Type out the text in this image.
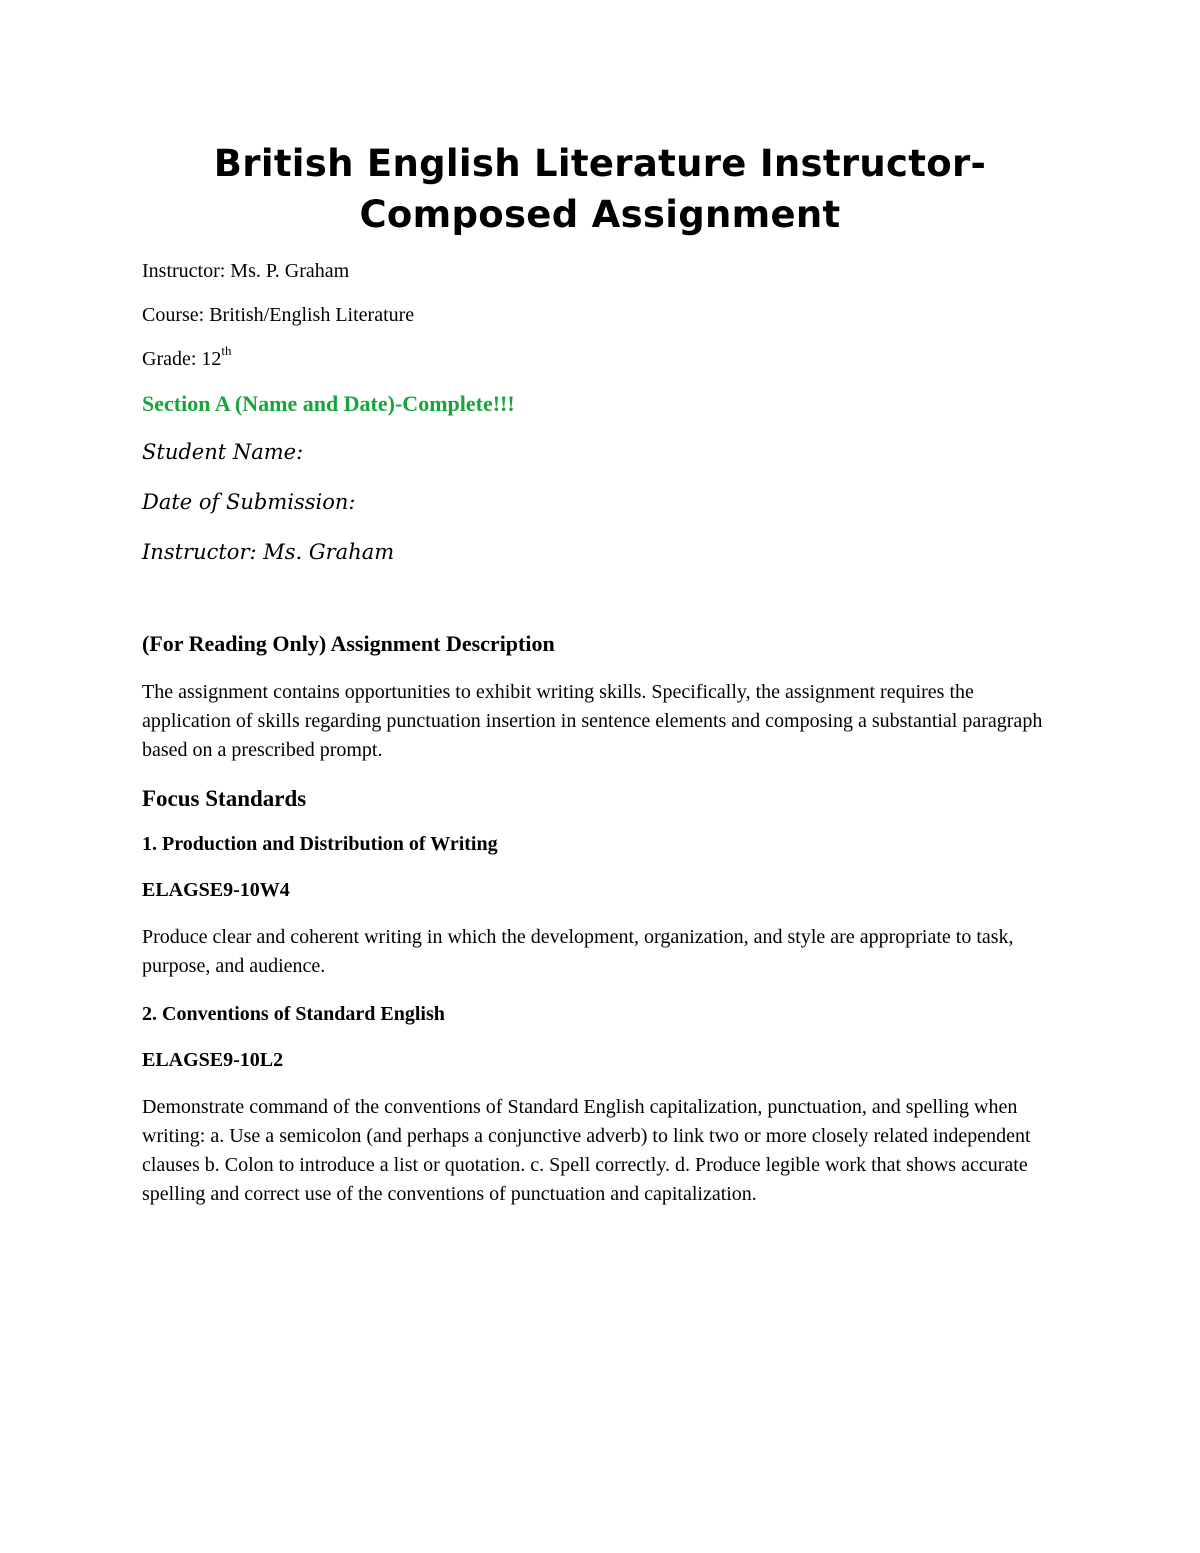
British English Literature Instructor-
Composed Assignment

Instructor: Ms. P. Graham

Course: British/English Literature

Grade: 12th

Section A (Name and Date)-Complete!!!

Student Name:

Date of Submission:

Instructor: Ms. Graham

(For Reading Only) Assignment Description

The assignment contains opportunities to exhibit writing skills. Specifically, the assignment requires the application of skills regarding punctuation insertion in sentence elements and composing a substantial paragraph based on a prescribed prompt.

Focus Standards

1. Production and Distribution of Writing

ELAGSE9-10W4

Produce clear and coherent writing in which the development, organization, and style are appropriate to task, purpose, and audience.

2. Conventions of Standard English

ELAGSE9-10L2

Demonstrate command of the conventions of Standard English capitalization, punctuation, and spelling when writing: a. Use a semicolon (and perhaps a conjunctive adverb) to link two or more closely related independent clauses b. Colon to introduce a list or quotation. c. Spell correctly. d. Produce legible work that shows accurate spelling and correct use of the conventions of punctuation and capitalization.
